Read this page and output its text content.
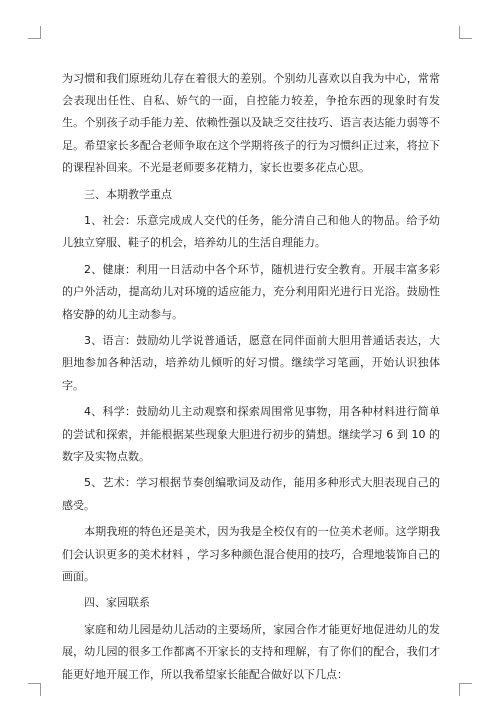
为习惯和我们原班幼儿存在着很大的差别。个别幼儿喜欢以自我为中心，常常会表现出任性、自私、娇气的一面，自控能力较差，争抢东西的现象时有发生。个别孩子动手能力差、依赖性强以及缺乏交往技巧、语言表达能力弱等不足。希望家长多配合老师争取在这个学期将孩子的行为习惯纠正过来，将拉下的课程补回来。不光是老师要多花精力，家长也要多花点心思。

三、本期教学重点

1、社会：乐意完成成人交代的任务，能分清自己和他人的物品。给予幼儿独立穿服、鞋子的机会，培养幼儿的生活自理能力。

2、健康：利用一日活动中各个环节，随机进行安全教育。开展丰富多彩的户外活动，提高幼儿对环境的适应能力，充分利用阳光进行日光浴。鼓励性格安静的幼儿主动参与。

3、语言：鼓励幼儿学说普通话，愿意在同伴面前大胆用普通话表达，大胆地参加各种活动，培养幼儿倾听的好习惯。继续学习笔画，开始认识独体字。

4、科学：鼓励幼儿主动观察和探索周围常见事物，用各种材料进行简单的尝试和探索，并能根据某些现象大胆进行初步的猜想。继续学习 6 到 10 的数字及实物点数。

5、艺术：学习根据节奏创编歌词及动作，能用多种形式大胆表现自己的感受。

本期我班的特色还是美术，因为我是全校仅有的一位美术老师。这学期我们会认识更多的美术材料 ，学习多种颜色混合使用的技巧，合理地装饰自己的画面。

四、家园联系

家庭和幼儿园是幼儿活动的主要场所，家园合作才能更好地促进幼儿的发展，幼儿园的很多工作都离不开家长的支持和理解，有了你们的配合，我们才能更好地开展工作，所以我希望家长能配合做好以下几点：
